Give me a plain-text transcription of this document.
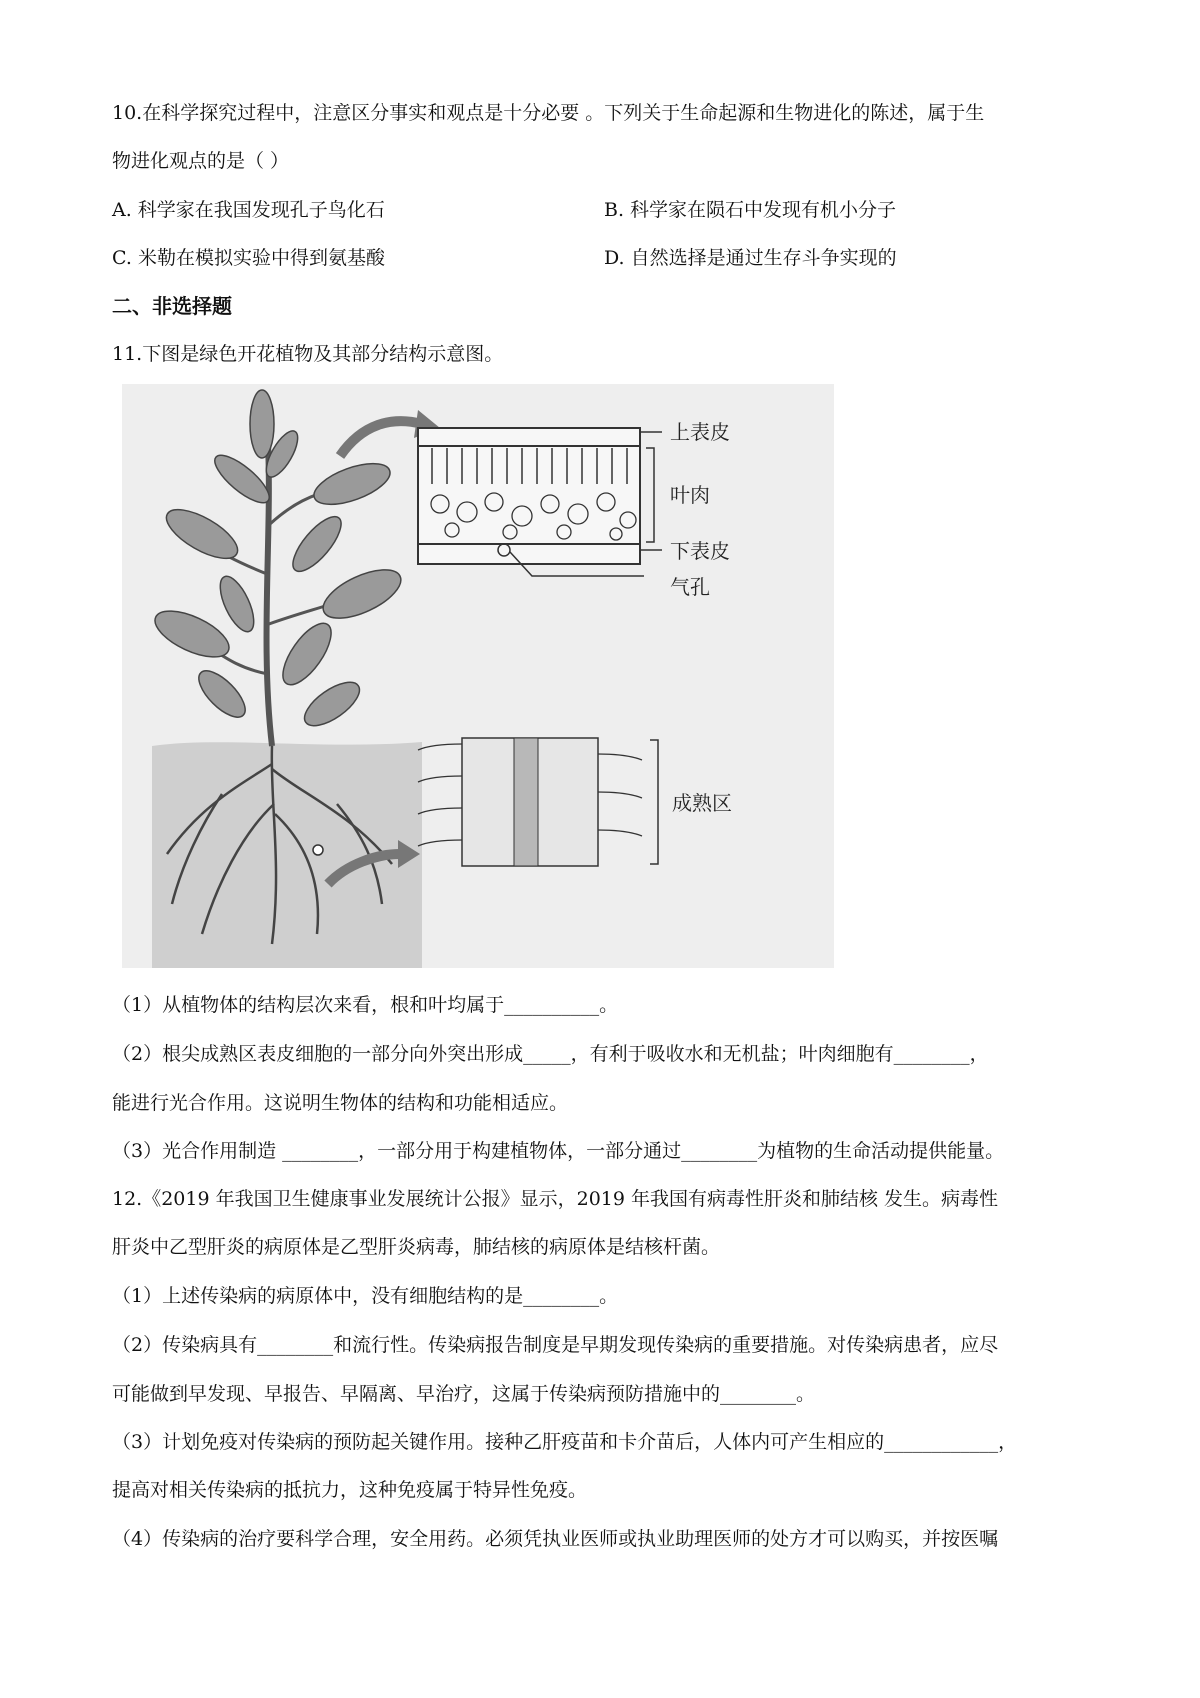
10.在科学探究过程中，注意区分事实和观点是十分必要 。下列关于生命起源和生物进化的陈述，属于生
物进化观点的是（ ）
A. 科学家在我国发现孔子鸟化石	B. 科学家在陨石中发现有机小分子
C. 米勒在模拟实验中得到氨基酸	D. 自然选择是通过生存斗争实现的
二、非选择题
11.下图是绿色开花植物及其部分结构示意图。
上表皮
叶肉
下表皮
气孔
成熟区
（1）从植物体的结构层次来看，根和叶均属于__________。
（2）根尖成熟区表皮细胞的一部分向外突出形成_____，有利于吸收水和无机盐；叶肉细胞有________，
能进行光合作用。这说明生物体的结构和功能相适应。
（3）光合作用制造 ________，一部分用于构建植物体，一部分通过________为植物的生命活动提供能量。
12.《2019 年我国卫生健康事业发展统计公报》显示，2019 年我国有病毒性肝炎和肺结核 发生。病毒性
肝炎中乙型肝炎的病原体是乙型肝炎病毒，肺结核的病原体是结核杆菌。
（1）上述传染病的病原体中，没有细胞结构的是________。
（2）传染病具有________和流行性。传染病报告制度是早期发现传染病的重要措施。对传染病患者，应尽
可能做到早发现、早报告、早隔离、早治疗，这属于传染病预防措施中的________。
（3）计划免疫对传染病的预防起关键作用。接种乙肝疫苗和卡介苗后，人体内可产生相应的____________，
提高对相关传染病的抵抗力，这种免疫属于特异性免疫。
（4）传染病的治疗要科学合理，安全用药。必须凭执业医师或执业助理医师的处方才可以购买，并按医嘱
